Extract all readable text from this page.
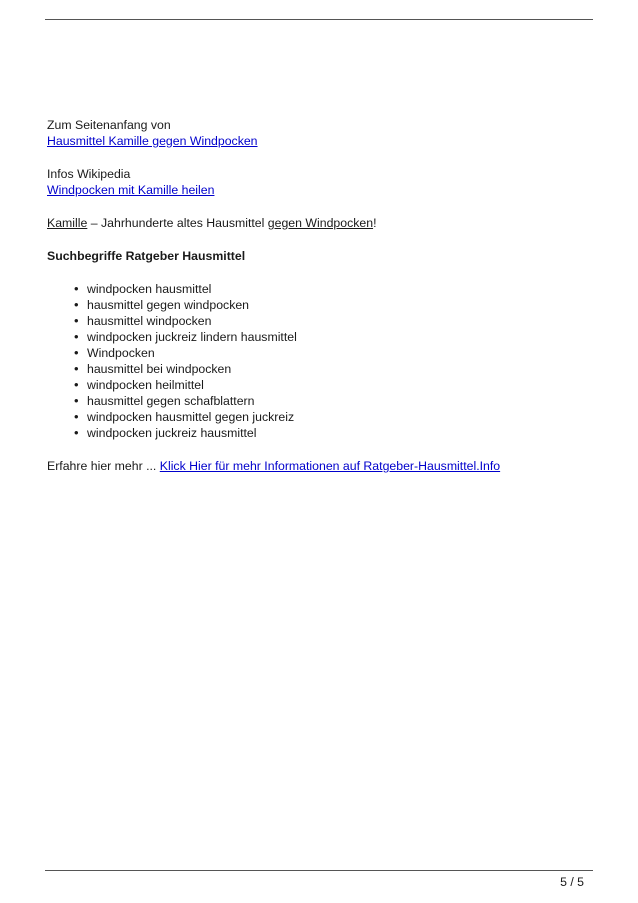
Zum Seitenanfang von
Hausmittel Kamille gegen Windpocken

Infos Wikipedia
Windpocken mit Kamille heilen

Kamille – Jahrhunderte altes Hausmittel gegen Windpocken!

Suchbegriffe Ratgeber Hausmittel

• windpocken hausmittel
• hausmittel gegen windpocken
• hausmittel windpocken
• windpocken juckreiz lindern hausmittel
• Windpocken
• hausmittel bei windpocken
• windpocken heilmittel
• hausmittel gegen schafblattern
• windpocken hausmittel gegen juckreiz
• windpocken juckreiz hausmittel

Erfahre hier mehr ... Klick Hier für mehr Informationen auf Ratgeber-Hausmittel.Info

5 / 5
